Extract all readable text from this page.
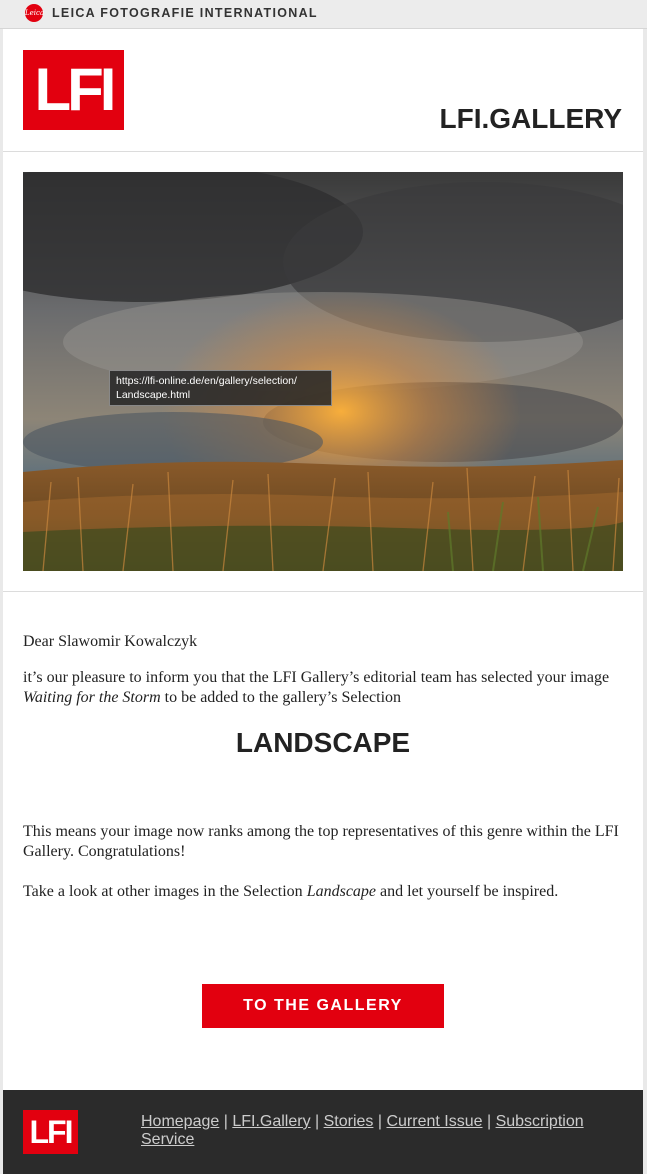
Leica LEICA FOTOGRAFIE INTERNATIONAL
LFI	LFI.GALLERY
https://lfi-online.de/en/gallery/selection/
Landscape.html
Dear Slawomir Kowalczyk
it’s our pleasure to inform you that the LFI Gallery’s editorial team has selected your image Waiting for the Storm to be added to the gallery’s Selection
LANDSCAPE
This means your image now ranks among the top representatives of this genre within the LFI Gallery. Congratulations!
Take a look at other images in the Selection Landscape and let yourself be inspired.
TO THE GALLERY
LFI	Homepage | LFI.Gallery | Stories | Current Issue | Subscription Service
